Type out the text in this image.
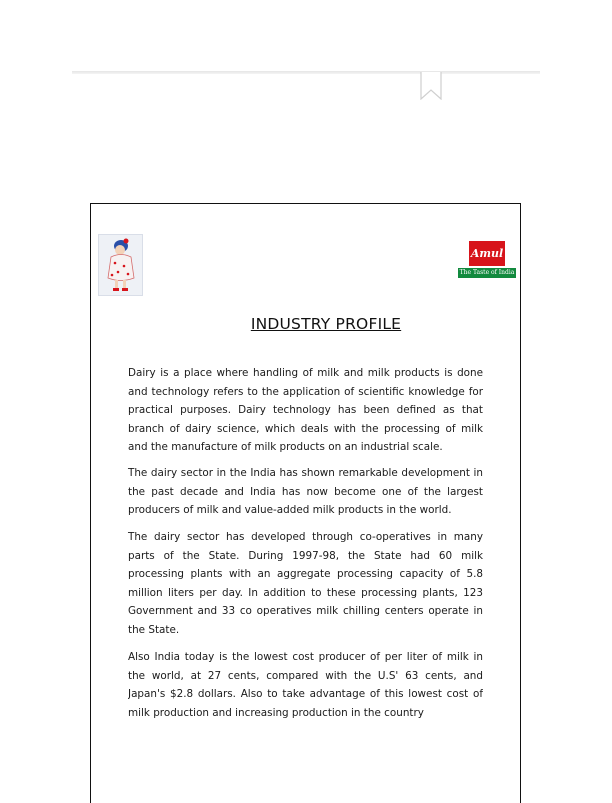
Amul
The Taste of India
INDUSTRY PROFILE

Dairy is a place where handling of milk and milk products is done and technology refers to the application of scientific knowledge for practical purposes. Dairy technology has been defined as that branch of dairy science, which deals with the processing of milk and the manufacture of milk products on an industrial scale.

The dairy sector in the India has shown remarkable development in the past decade and India has now become one of the largest producers of milk and value-added milk products in the world.

The dairy sector has developed through co-operatives in many parts of the State. During 1997-98, the State had 60 milk processing plants with an aggregate processing capacity of 5.8 million liters per day. In addition to these processing plants, 123 Government and 33 co operatives milk chilling centers operate in the State.

Also India today is the lowest cost producer of per liter of milk in the world, at 27 cents, compared with the U.S' 63 cents, and Japan's $2.8 dollars. Also to take advantage of this lowest cost of milk production and increasing production in the country
